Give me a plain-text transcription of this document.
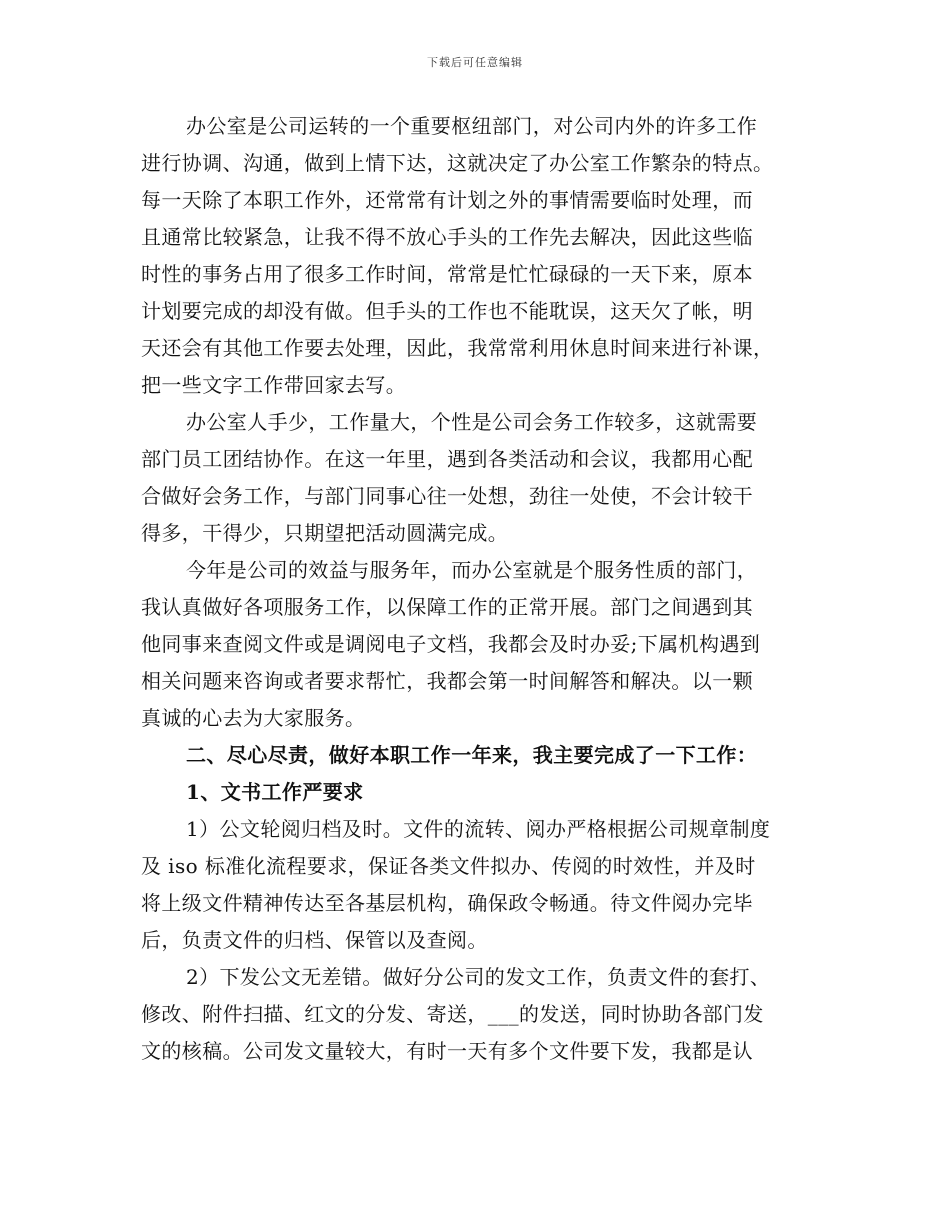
下载后可任意编辑
办公室是公司运转的一个重要枢纽部门，对公司内外的许多工作
进行协调、沟通，做到上情下达，这就决定了办公室工作繁杂的特点。
每一天除了本职工作外，还常常有计划之外的事情需要临时处理，而
且通常比较紧急，让我不得不放心手头的工作先去解决，因此这些临
时性的事务占用了很多工作时间，常常是忙忙碌碌的一天下来，原本
计划要完成的却没有做。但手头的工作也不能耽误，这天欠了帐，明
天还会有其他工作要去处理，因此，我常常利用休息时间来进行补课，
把一些文字工作带回家去写。
办公室人手少，工作量大，个性是公司会务工作较多，这就需要
部门员工团结协作。在这一年里，遇到各类活动和会议，我都用心配
合做好会务工作，与部门同事心往一处想，劲往一处使，不会计较干
得多，干得少，只期望把活动圆满完成。
今年是公司的效益与服务年，而办公室就是个服务性质的部门，
我认真做好各项服务工作，以保障工作的正常开展。部门之间遇到其
他同事来查阅文件或是调阅电子文档，我都会及时办妥;下属机构遇到
相关问题来咨询或者要求帮忙，我都会第一时间解答和解决。以一颗
真诚的心去为大家服务。
二、尽心尽责，做好本职工作一年来，我主要完成了一下工作：
1、文书工作严要求
1）公文轮阅归档及时。文件的流转、阅办严格根据公司规章制度
及 iso 标准化流程要求，保证各类文件拟办、传阅的时效性，并及时
将上级文件精神传达至各基层机构，确保政令畅通。待文件阅办完毕
后，负责文件的归档、保管以及查阅。
2）下发公文无差错。做好分公司的发文工作，负责文件的套打、
修改、附件扫描、红文的分发、寄送，___的发送，同时协助各部门发
文的核稿。公司发文量较大，有时一天有多个文件要下发，我都是认
